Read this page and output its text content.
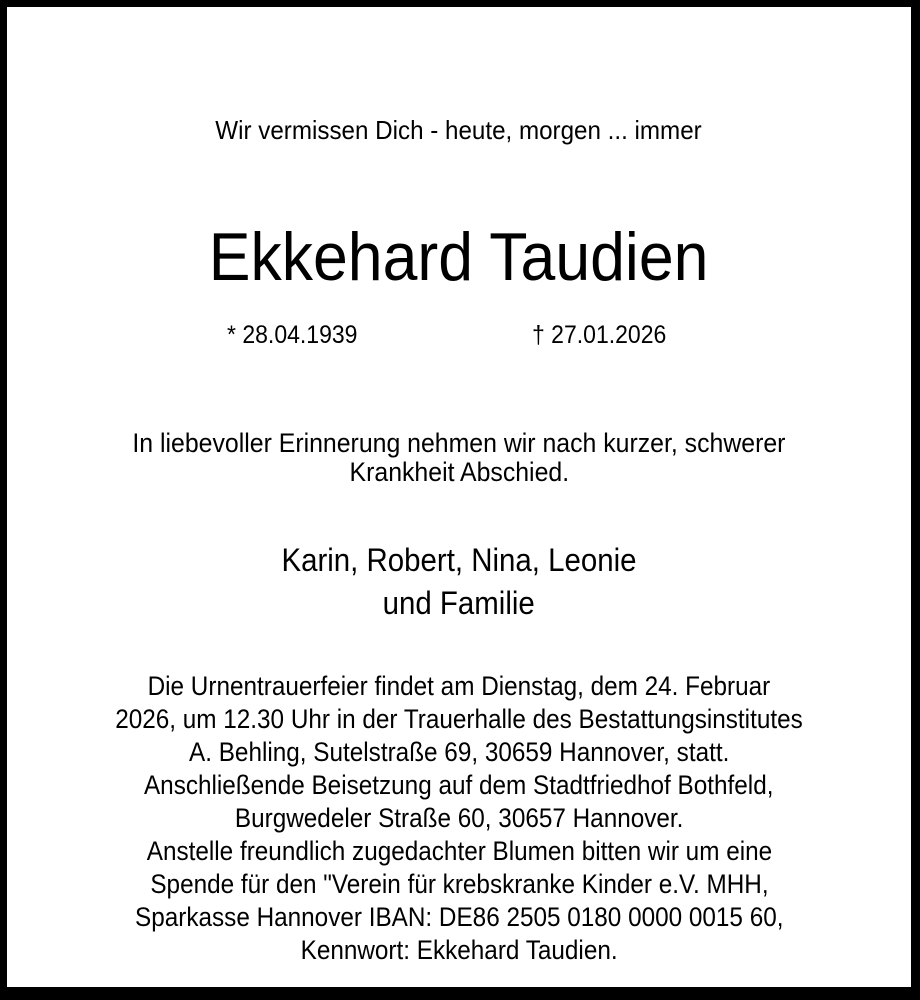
Wir vermissen Dich - heute, morgen ... immer
Ekkehard Taudien
* 28.04.1939	† 27.01.2026
In liebevoller Erinnerung nehmen wir nach kurzer, schwerer
Krankheit Abschied.
Karin, Robert, Nina, Leonie
und Familie
Die Urnentrauerfeier findet am Dienstag, dem 24. Februar
2026, um 12.30 Uhr in der Trauerhalle des Bestattungsinstitutes
A. Behling, Sutelstraße 69, 30659 Hannover, statt.
Anschließende Beisetzung auf dem Stadtfriedhof Bothfeld,
Burgwedeler Straße 60, 30657 Hannover.
Anstelle freundlich zugedachter Blumen bitten wir um eine
Spende für den "Verein für krebskranke Kinder e.V. MHH,
Sparkasse Hannover IBAN: DE86 2505 0180 0000 0015 60,
Kennwort: Ekkehard Taudien.
